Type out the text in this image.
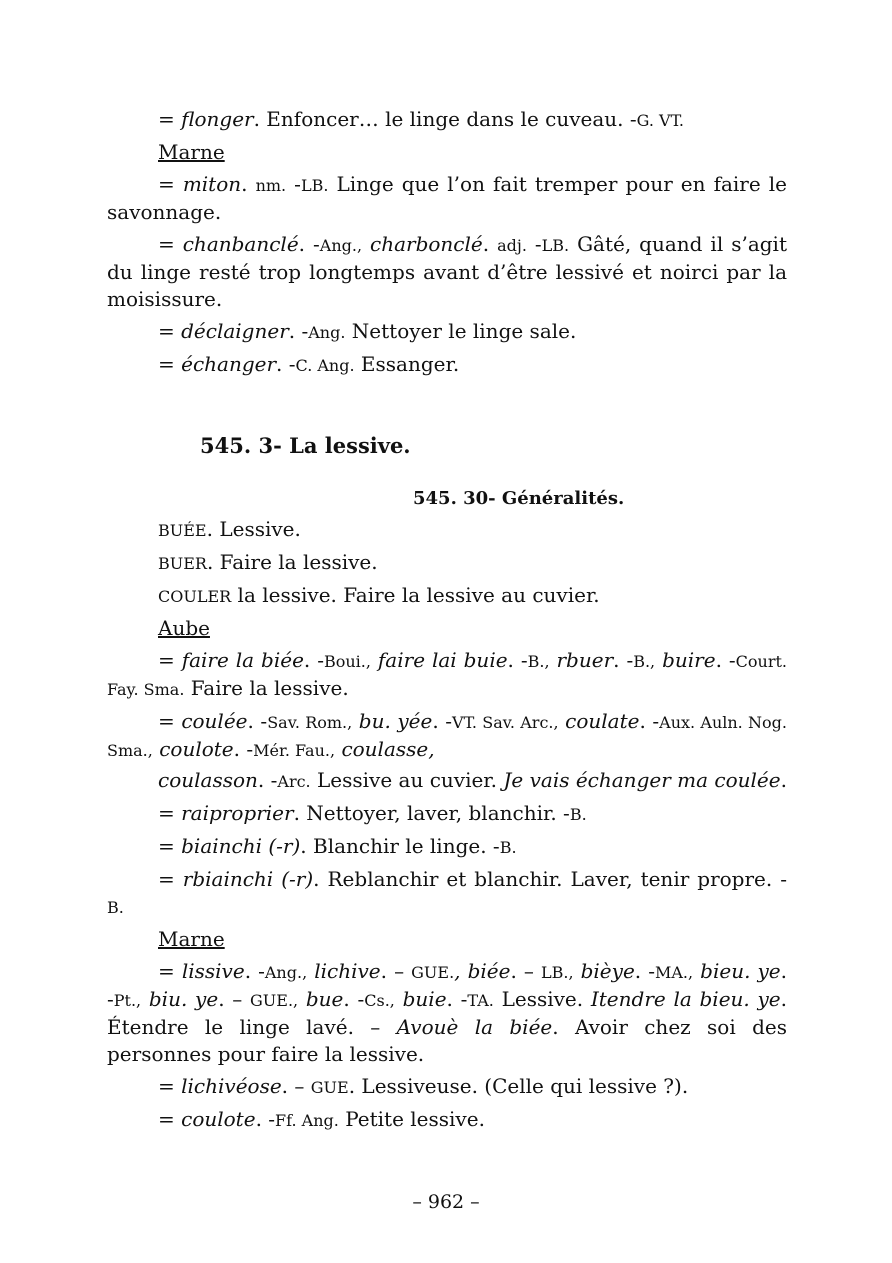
= flonger. Enfoncer… le linge dans le cuveau. -G. VT.
Marne

= miton. nm. -LB. Linge que l’on fait tremper pour en faire le savonnage.

= chanbanclé. -Ang., charbonclé. adj. -LB. Gâté, quand il s’agit du linge resté trop longtemps avant d’être lessivé et noirci par la moisissure.

= déclaigner. -Ang. Nettoyer le linge sale.
= échanger. -C. Ang. Essanger.
545. 3- La lessive.
545. 30- Généralités.
BUÉE. Lessive.
BUER. Faire la lessive.
COULER la lessive. Faire la lessive au cuvier.
Aube

= faire la biée. -Boui., faire lai buie. -B., rbuer. -B., buire. -Court. Fay. Sma. Faire la lessive.

= coulée. -Sav. Rom., bu. yée. -VT. Sav. Arc., coulate. -Aux. Auln. Nog. Sma., coulote. -Mér. Fau., coulasse,

coulasson. -Arc. Lessive au cuvier. Je vais échanger ma coulée.

= raiproprier. Nettoyer, laver, blanchir. -B.
= biainchi (-r). Blanchir le linge. -B.

= rbiainchi (-r). Reblanchir et blanchir. Laver, tenir propre. -B.

Marne

= lissive. -Ang., lichive. – GUE., biée. – LB., bièye. -MA., bieu. ye. -Pt., biu. ye. – GUE., bue. -Cs., buie. -TA. Lessive. Itendre la bieu. ye. Étendre le linge lavé. – Avouè la biée. Avoir chez soi des personnes pour faire la lessive.

= lichivéose. – GUE. Lessiveuse. (Celle qui lessive ?).
= coulote. -Ff. Ang. Petite lessive.
– 962 –
